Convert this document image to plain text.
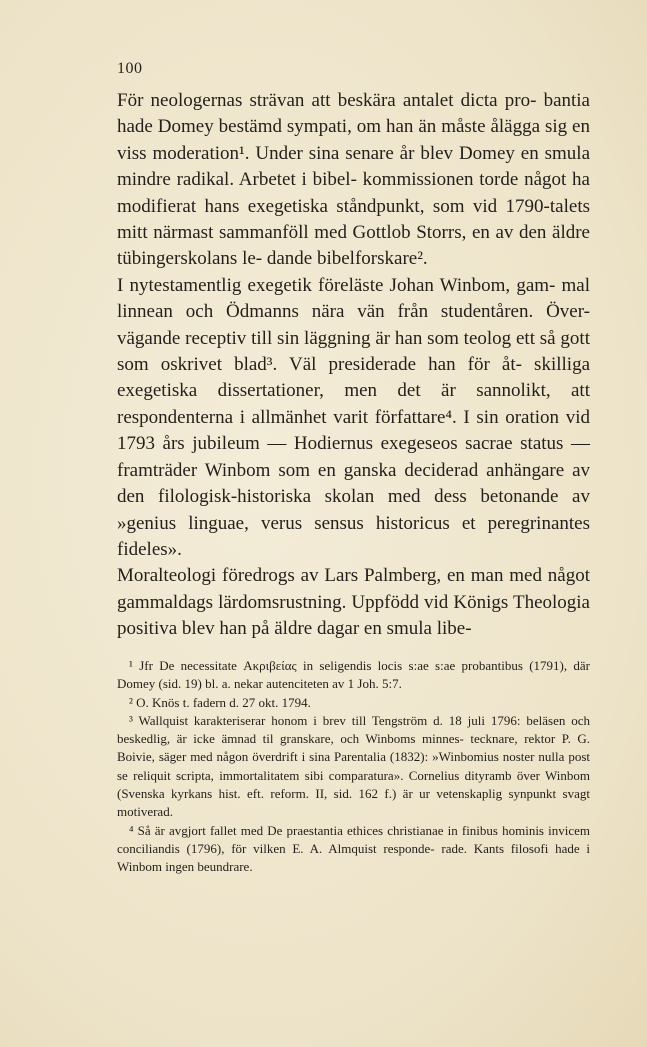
100

För neologernas strävan att beskära antalet dicta pro- bantia hade Domey bestämd sympati, om han än måste ålägga sig en viss moderation¹. Under sina senare år blev Domey en smula mindre radikal. Arbetet i bibel- kommissionen torde något ha modifierat hans exegetiska ståndpunkt, som vid 1790-talets mitt närmast sammanföll med Gottlob Storrs, en av den äldre tübingerskolans le- dande bibelforskare².

I nytestamentlig exegetik föreläste Johan Winbom, gam- mal linnean och Ödmanns nära vän från studentåren. Över- vägande receptiv till sin läggning är han som teolog ett så gott som oskrivet blad³. Väl presiderade han för åt- skilliga exegetiska dissertationer, men det är sannolikt, att respondenterna i allmänhet varit författare⁴. I sin oration vid 1793 års jubileum — Hodiernus exegeseos sacrae status — framträder Winbom som en ganska deciderad anhängare av den filologisk-historiska skolan med dess betonande av »genius linguae, verus sensus historicus et peregrinantes fideles».

Moralteologi föredrogs av Lars Palmberg, en man med något gammaldags lärdomsrustning. Uppfödd vid Königs Theologia positiva blev han på äldre dagar en smula libe-

¹ Jfr De necessitate Ακριβείας in seligendis locis s:ae s:ae probantibus (1791), där Domey (sid. 19) bl. a. nekar autenciteten av 1 Joh. 5:7.

² O. Knös t. fadern d. 27 okt. 1794.

³ Wallquist karakteriserar honom i brev till Tengström d. 18 juli 1796: beläsen och beskedlig, är icke ämnad til granskare, och Winboms minnes- tecknare, rektor P. G. Boivie, säger med någon överdrift i sina Parentalia (1832): »Winbomius noster nulla post se reliquit scripta, immortalitatem sibi comparatura». Cornelius dityramb över Winbom (Svenska kyrkans hist. eft. reform. II, sid. 162 f.) är ur vetenskaplig synpunkt svagt motiverad.

⁴ Så är avgjort fallet med De praestantia ethices christianae in finibus hominis invicem conciliandis (1796), för vilken E. A. Almquist responde- rade. Kants filosofi hade i Winbom ingen beundrare.
